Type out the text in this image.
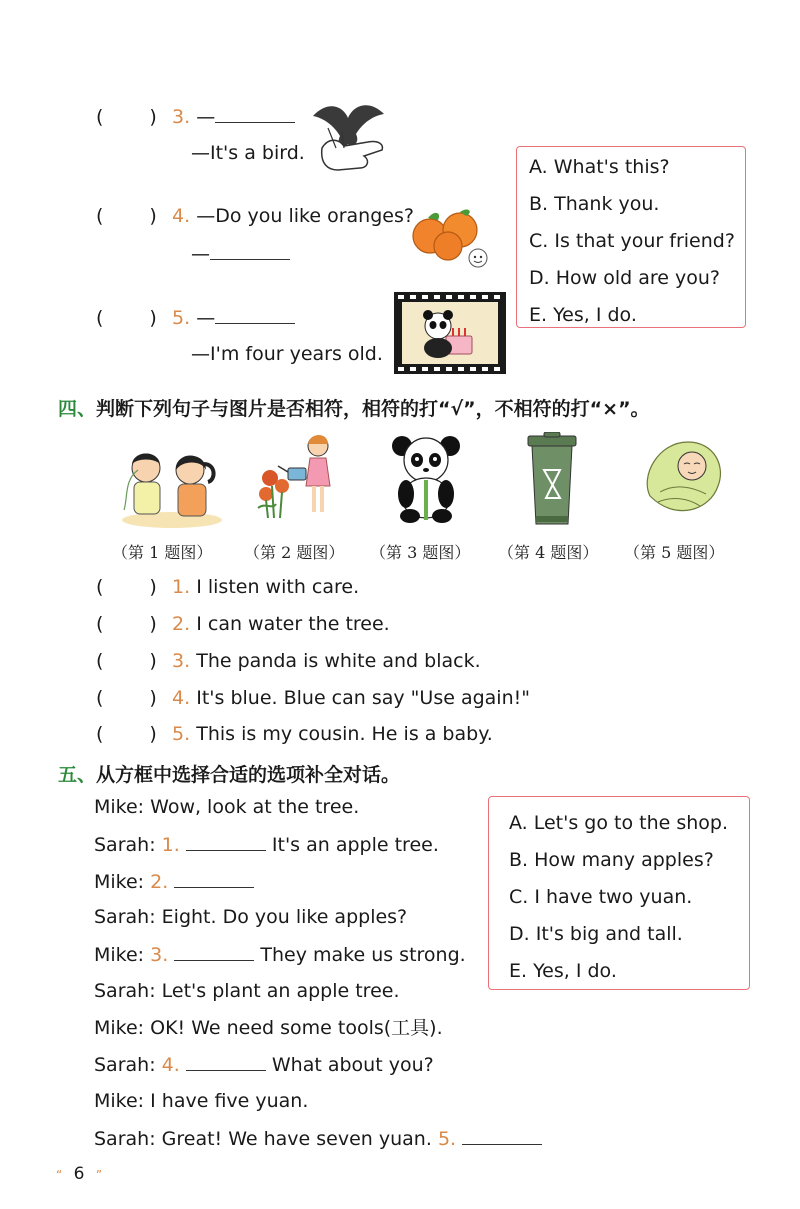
( ) 3. —
—It's a bird.
( ) 4. —Do you like oranges?
—
( ) 5. —
—I'm four years old.
A. What's this?
B. Thank you.
C. Is that your friend?
D. How old are you?
E. Yes, I do.
四、判断下列句子与图片是否相符，相符的打“√”，不相符的打“×”。
（第 1 题图） （第 2 题图） （第 3 题图） （第 4 题图） （第 5 题图）
( ) 1. I listen with care.
( ) 2. I can water the tree.
( ) 3. The panda is white and black.
( ) 4. It's blue. Blue can say "Use again!"
( ) 5. This is my cousin. He is a baby.
五、从方框中选择合适的选项补全对话。
Mike: Wow, look at the tree.
Sarah: 1.	It's an apple tree.
Mike: 2.
Sarah: Eight. Do you like apples?
Mike: 3.	They make us strong.
Sarah: Let's plant an apple tree.
Mike: OK! We need some tools(工具).
Sarah: 4.	What about you?
Mike: I have five yuan.
Sarah: Great! We have seven yuan. 5.
A. Let's go to the shop.
B. How many apples?
C. I have two yuan.
D. It's big and tall.
E. Yes, I do.
“ 6 ”
